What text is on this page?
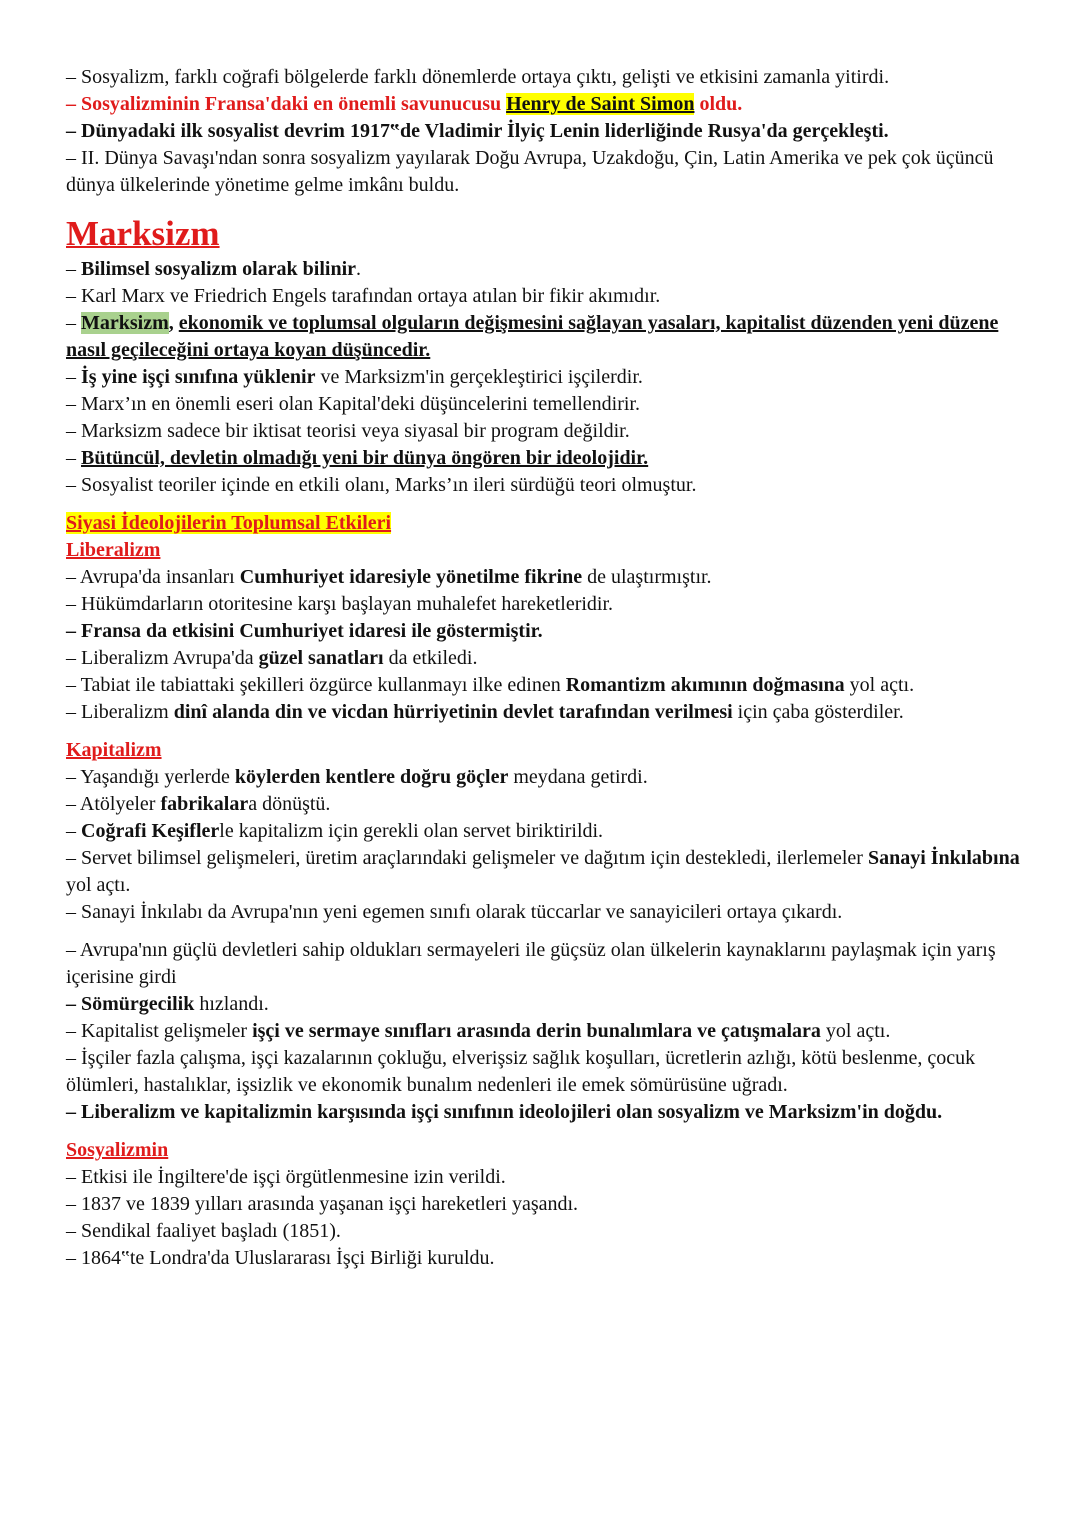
– Sosyalizm, farklı coğrafi bölgelerde farklı dönemlerde ortaya çıktı, gelişti ve etkisini zamanla yitirdi.

– Sosyalizminin Fransa'daki en önemli savunucusu Henry de Saint Simon oldu.

– Dünyadaki ilk sosyalist devrim 1917‟de Vladimir İlyiç Lenin liderliğinde Rusya'da gerçekleşti.

– II. Dünya Savaşı'ndan sonra sosyalizm yayılarak Doğu Avrupa, Uzakdoğu, Çin, Latin Amerika ve pek çok üçüncü dünya ülkelerinde yönetime gelme imkânı buldu.

Marksizm

– Bilimsel sosyalizm olarak bilinir.

– Karl Marx ve Friedrich Engels tarafından ortaya atılan bir fikir akımıdır.

– Marksizm, ekonomik ve toplumsal olguların değişmesini sağlayan yasaları, kapitalist düzenden yeni düzene nasıl geçileceğini ortaya koyan düşüncedir.

– İş yine işçi sınıfına yüklenir ve Marksizm'in gerçekleştirici işçilerdir.

– Marx’ın en önemli eseri olan Kapital'deki düşüncelerini temellendirir.

– Marksizm sadece bir iktisat teorisi veya siyasal bir program değildir.

– Bütüncül, devletin olmadığı yeni bir dünya öngören bir ideolojidir.

– Sosyalist teoriler içinde en etkili olanı, Marks’ın ileri sürdüğü teori olmuştur.

Siyasi İdeolojilerin Toplumsal Etkileri

Liberalizm

– Avrupa'da insanları Cumhuriyet idaresiyle yönetilme fikrine de ulaştırmıştır.

– Hükümdarların otoritesine karşı başlayan muhalefet hareketleridir.

– Fransa da etkisini Cumhuriyet idaresi ile göstermiştir.

– Liberalizm Avrupa'da güzel sanatları da etkiledi.

– Tabiat ile tabiattaki şekilleri özgürce kullanmayı ilke edinen Romantizm akımının doğmasına yol açtı.

– Liberalizm dinî alanda din ve vicdan hürriyetinin devlet tarafından verilmesi için çaba gösterdiler.

Kapitalizm

– Yaşandığı yerlerde köylerden kentlere doğru göçler meydana getirdi.

– Atölyeler fabrikalara dönüştü.

– Coğrafi Keşiflerle kapitalizm için gerekli olan servet biriktirildi.

– Servet bilimsel gelişmeleri, üretim araçlarındaki gelişmeler ve dağıtım için destekledi, ilerlemeler Sanayi İnkılabına yol açtı.

– Sanayi İnkılabı da Avrupa'nın yeni egemen sınıfı olarak tüccarlar ve sanayicileri ortaya çıkardı.

– Avrupa'nın güçlü devletleri sahip oldukları sermayeleri ile güçsüz olan ülkelerin kaynaklarını paylaşmak için yarış içerisine girdi

– Sömürgecilik hızlandı.

– Kapitalist gelişmeler işçi ve sermaye sınıfları arasında derin bunalımlara ve çatışmalara yol açtı.

– İşçiler fazla çalışma, işçi kazalarının çokluğu, elverişsiz sağlık koşulları, ücretlerin azlığı, kötü beslenme, çocuk ölümleri, hastalıklar, işsizlik ve ekonomik bunalım nedenleri ile emek sömürüsüne uğradı.

– Liberalizm ve kapitalizmin karşısında işçi sınıfının ideolojileri olan sosyalizm ve Marksizm'in doğdu.

Sosyalizmin

– Etkisi ile İngiltere'de işçi örgütlenmesine izin verildi.

– 1837 ve 1839 yılları arasında yaşanan işçi hareketleri yaşandı.

– Sendikal faaliyet başladı (1851).

– 1864‟te Londra'da Uluslararası İşçi Birliği kuruldu.
